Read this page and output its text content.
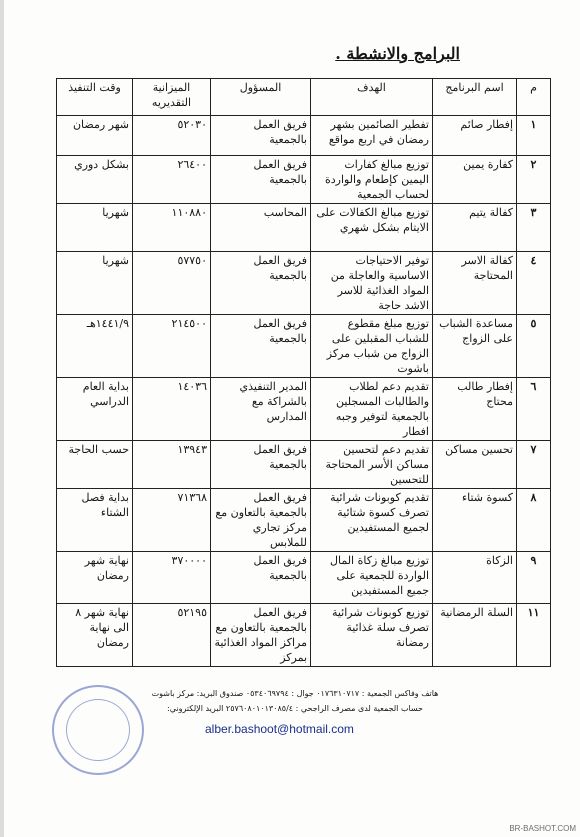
البرامج والانشطة .
م	اسم البرنامج	الهدف	المسؤول	الميزانية التقديريه	وقت التنفيذ
١	إفطار صائم	تفطير الصائمين بشهر رمضان في اربع مواقع	فريق العمل بالجمعية	٥٢٠٣٠	شهر رمضان
٢	كفارة يمين	توزيع مبالغ كفارات اليمين كإطعام والواردة لحساب الجمعية	فريق العمل بالجمعية	٢٦٤٠٠	بشكل دوري
٣	كفالة يتيم	توزيع مبالغ الكفالات على الايتام بشكل شهري	المحاسب	١١٠٨٨٠	شهريا
٤	كفالة الاسر المحتاجة	توفير الاحتياجات الاساسية والعاجلة من المواد الغذائية للاسر الاشد حاجة	فريق العمل بالجمعية	٥٧٧٥٠	شهريا
٥	مساعدة الشباب على الزواج	توزيع مبلغ مقطوع للشباب المقبلين على الزواج من شباب مركز باشوت	فريق العمل بالجمعية	٢١٤٥٠٠	١٤٤١/٩هـ
٦	إفطار طالب محتاج	تقديم دعم لطلاب والطالبات المسجلين بالجمعية لتوفير وجبه افطار	المدير التنفيذي بالشراكة مع المدارس	١٤٠٣٦	بداية العام الدراسي
٧	تحسين مساكن	تقديم دعم لتحسين مساكن الأسر المحتاجة للتحسين	فريق العمل بالجمعية	١٣٩٤٣	حسب الحاجة
٨	كسوة شتاء	تقديم كوبونات شرائية تصرف كسوة شتائية لجميع المستفيدين	فريق العمل بالجمعية بالتعاون مع مركز تجاري للملابس	٧١٣٦٨	بداية فصل الشتاء
٩	الزكاة	توزيع مبالغ زكاة المال الواردة للجمعية على جميع المستفيدين	فريق العمل بالجمعية	٣٧٠٠٠٠	نهاية شهر رمضان
١١	السلة الرمضانية	توزيع كوبونات شرائية تصرف سلة غذائية رمضانة	فريق العمل بالجمعية بالتعاون مع مراكز المواد الغذائية بمركز	٥٢١٩٥	نهاية شهر ٨ الى نهاية رمضان
هاتف وفاكس الجمعية : ٠١٧٦٣١٠٧١٧ جوال : ٠٥٣٤٠٦٩٧٩٤ صندوق البريد: مركز باشوت
حساب الجمعية لدى مصرف الراجحي : ٢٥٧٦٠٨٠١٠١٣٠٨٥/٤ البريد الإلكتروني:
alber.bashoot@hotmail.com
BR-BASHOT.COM
